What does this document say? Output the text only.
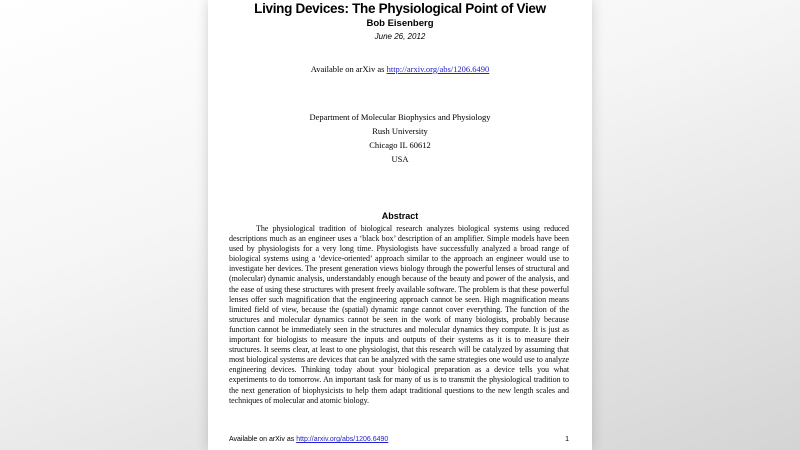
Living Devices: The Physiological Point of View
Bob Eisenberg
June 26, 2012
Available on arXiv as http://arxiv.org/abs/1206.6490
Department of Molecular Biophysics and Physiology
Rush University
Chicago IL 60612
USA
Abstract
The physiological tradition of biological research analyzes biological systems using reduced descriptions much as an engineer uses a ‘black box’ description of an amplifier. Simple models have been used by physiologists for a very long time. Physiologists have successfully analyzed a broad range of biological systems using a ‘device-oriented’ approach similar to the approach an engineer would use to investigate her devices. The present generation views biology through the powerful lenses of structural and (molecular) dynamic analysis, understandably enough because of the beauty and power of the analysis, and the ease of using these structures with present freely available software. The problem is that these powerful lenses offer such magnification that the engineering approach cannot be seen. High magnification means limited field of view, because the (spatial) dynamic range cannot cover everything. The function of the structures and molecular dynamics cannot be seen in the work of many biologists, probably because function cannot be immediately seen in the structures and molecular dynamics they compute. It is just as important for biologists to measure the inputs and outputs of their systems as it is to measure their structures. It seems clear, at least to one physiologist, that this research will be catalyzed by assuming that most biological systems are devices that can be analyzed with the same strategies one would use to analyze engineering devices. Thinking today about your biological preparation as a device tells you what experiments to do tomorrow. An important task for many of us is to transmit the physiological tradition to the next generation of biophysicists to help them adapt traditional questions to the new length scales and techniques of molecular and atomic biology.
Available on arXiv as http://arxiv.org/abs/1206.6490	1
